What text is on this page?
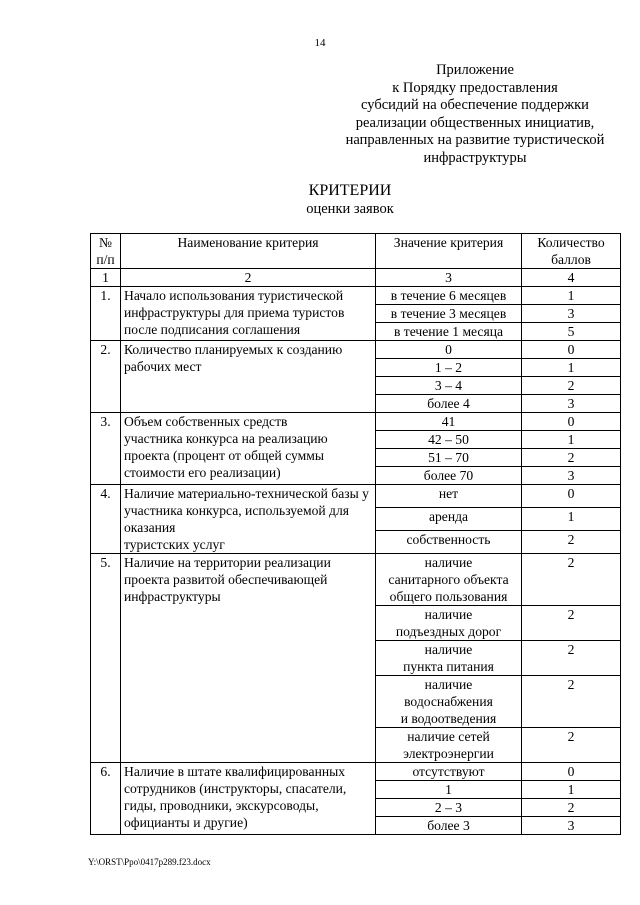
14
Приложение
к Порядку предоставления
субсидий на обеспечение поддержки
реализации общественных инициатив,
направленных на развитие туристической
инфраструктуры
КРИТЕРИИ
оценки заявок
№
п/п	Наименование критерия	Значение критерия	Количество
баллов
1	2	3	4
1.	Начало использования туристической инфраструктуры для приема туристов после подписания соглашения	в течение 6 месяцев	1
		в течение 3 месяцев	3
		в течение 1 месяца	5
2.	Количество планируемых к созданию рабочих мест	0	0
		1 – 2	1
		3 – 4	2
		более 4	3
3.	Объем собственных средств
участника конкурса на реализацию проекта (процент от общей суммы стоимости его реализации)	41	0
		42 – 50	1
		51 – 70	2
		более 70	3
4.	Наличие материально-технической базы у участника конкурса, используемой для оказания
туристских услуг	нет	0
		аренда	1
		собственность	2
5.	Наличие на территории реализации проекта развитой обеспечивающей инфраструктуры	наличие
санитарного объекта
общего пользования	2
		наличие
подъездных дорог	2
		наличие
пункта питания	2
		наличие
водоснабжения
и водоотведения	2
		наличие сетей
электроэнергии	2
6.	Наличие в штате квалифицированных сотрудников (инструкторы, спасатели, гиды, проводники, экскурсоводы, официанты и другие)	отсутствуют	0
		1	1
		2 – 3	2
		более 3	3
Y:\ORST\Ppo\0417p289.f23.docx
